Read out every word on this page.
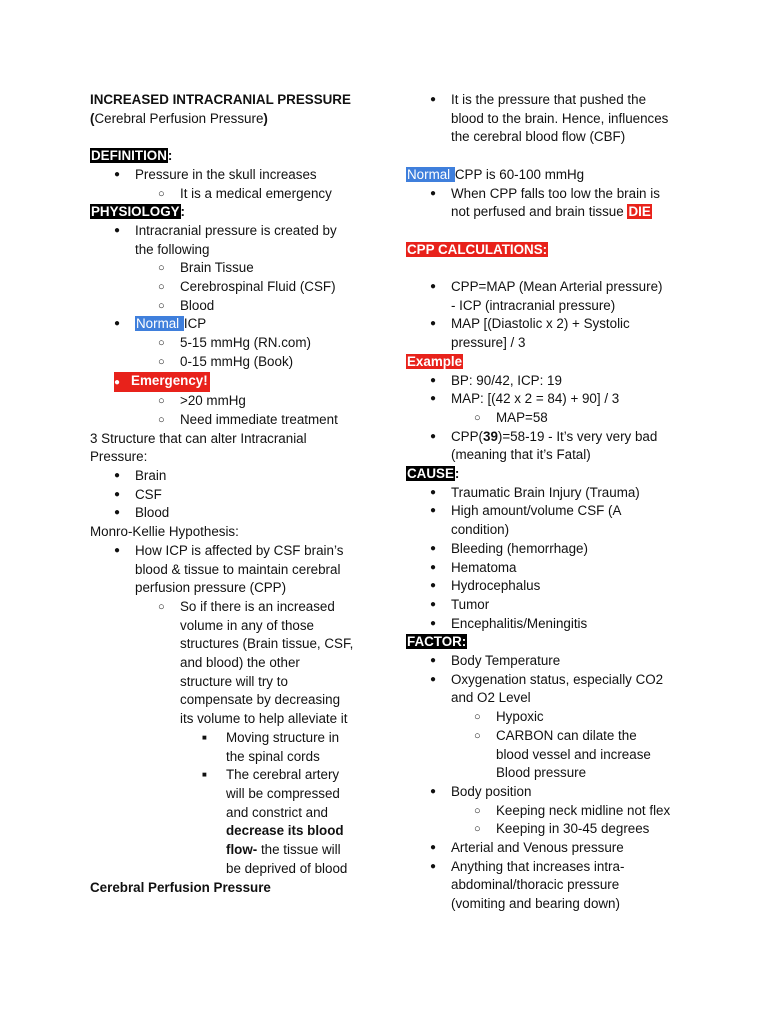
INCREASED INTRACRANIAL PRESSURE
(Cerebral Perfusion Pressure)
DEFINITION:
● Pressure in the skull increases
○ It is a medical emergency
PHYSIOLOGY:
● Intracranial pressure is created by
the following
○ Brain Tissue
○ Cerebrospinal Fluid (CSF)
○ Blood
● Normal ICP
○ 5-15 mmHg (RN.com)
○ 0-15 mmHg (Book)
● Emergency!
○ >20 mmHg
○ Need immediate treatment
3 Structure that can alter Intracranial
Pressure:
● Brain
● CSF
● Blood
Monro-Kellie Hypothesis:
● How ICP is affected by CSF brain’s
blood & tissue to maintain cerebral
perfusion pressure (CPP)
○ So if there is an increased
volume in any of those
structures (Brain tissue, CSF,
and blood) the other
structure will try to
compensate by decreasing
its volume to help alleviate it
■ Moving structure in
the spinal cords
■ The cerebral artery
will be compressed
and constrict and
decrease its blood
flow- the tissue will
be deprived of blood
Cerebral Perfusion Pressure
● It is the pressure that pushed the
blood to the brain. Hence, influences
the cerebral blood flow (CBF)
Normal CPP is 60-100 mmHg
● When CPP falls too low the brain is
not perfused and brain tissue DIE
CPP CALCULATIONS:
● CPP=MAP (Mean Arterial pressure)
- ICP (intracranial pressure)
● MAP [(Diastolic x 2) + Systolic
pressure] / 3
Example
● BP: 90/42, ICP: 19
● MAP: [(42 x 2 = 84) + 90] / 3
○ MAP=58
● CPP(39)=58-19 - It’s very very bad
(meaning that it’s Fatal)
CAUSE:
● Traumatic Brain Injury (Trauma)
● High amount/volume CSF (A
condition)
● Bleeding (hemorrhage)
● Hematoma
● Hydrocephalus
● Tumor
● Encephalitis/Meningitis
FACTOR:
● Body Temperature
● Oxygenation status, especially CO2
and O2 Level
○ Hypoxic
○ CARBON can dilate the
blood vessel and increase
Blood pressure
● Body position
○ Keeping neck midline not flex
○ Keeping in 30-45 degrees
● Arterial and Venous pressure
● Anything that increases intra-
abdominal/thoracic pressure
(vomiting and bearing down)
